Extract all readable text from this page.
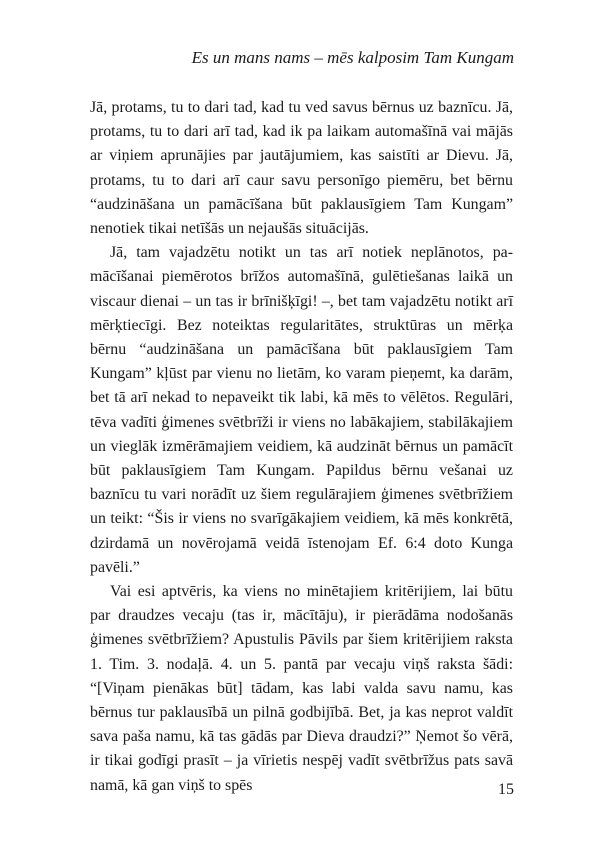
Es un mans nams – mēs kalposim Tam Kungam

Jā, protams, tu to dari tad, kad tu ved savus bērnus uz baznīcu. Jā, protams, tu to dari arī tad, kad ik pa laikam automašīnā vai mājās ar viņiem aprunājies par jautājumiem, kas saistīti ar Dievu. Jā, protams, tu to dari arī caur savu personīgo piemēru, bet bērnu “audzināšana un pamācīšana būt paklausīgiem Tam Kungam” nenotiek tikai netīšās un nejaušās situācijās.

Jā, tam vajadzētu notikt un tas arī notiek neplānotos, pamācīšanai piemērotos brīžos automašīnā, gulētiešanas laikā un viscaur dienai – un tas ir brīnišķīgi! –, bet tam vajadzētu notikt arī mērķtiecīgi. Bez noteiktas regularitātes, struktūras un mērķa bērnu “audzināšana un pamācīšana būt paklausīgiem Tam Kungam” kļūst par vienu no lietām, ko varam pieņemt, ka darām, bet tā arī nekad to nepaveikt tik labi, kā mēs to vēlētos. Regulāri, tēva vadīti ģimenes svētbrīži ir viens no labākajiem, stabilākajiem un vieglāk izmērāmajiem veidiem, kā audzināt bērnus un pamācīt būt paklausīgiem Tam Kungam. Papildus bērnu vešanai uz baznīcu tu vari norādīt uz šiem regulārajiem ģimenes svētbrīžiem un teikt: “Šis ir viens no svarīgākajiem veidiem, kā mēs konkrētā, dzirdamā un novērojamā veidā īstenojam Ef. 6:4 doto Kunga pavēli.”

Vai esi aptvēris, ka viens no minētajiem kritērijiem, lai būtu par draudzes vecaju (tas ir, mācītāju), ir pierādāma nodošanās ģimenes svētbrīžiem? Apustulis Pāvils par šiem kritērijiem raksta 1. Tim. 3. nodaļā. 4. un 5. pantā par vecaju viņš raksta šādi: “[Viņam pienākas būt] tādam, kas labi valda savu namu, kas bērnus tur paklausībā un pilnā godbijībā. Bet, ja kas neprot valdīt sava paša namu, kā tas gādās par Dieva draudzi?” Ņemot šo vērā, ir tikai godīgi prasīt – ja vīrietis nespēj vadīt svētbrīžus pats savā namā, kā gan viņš to spēs	15
